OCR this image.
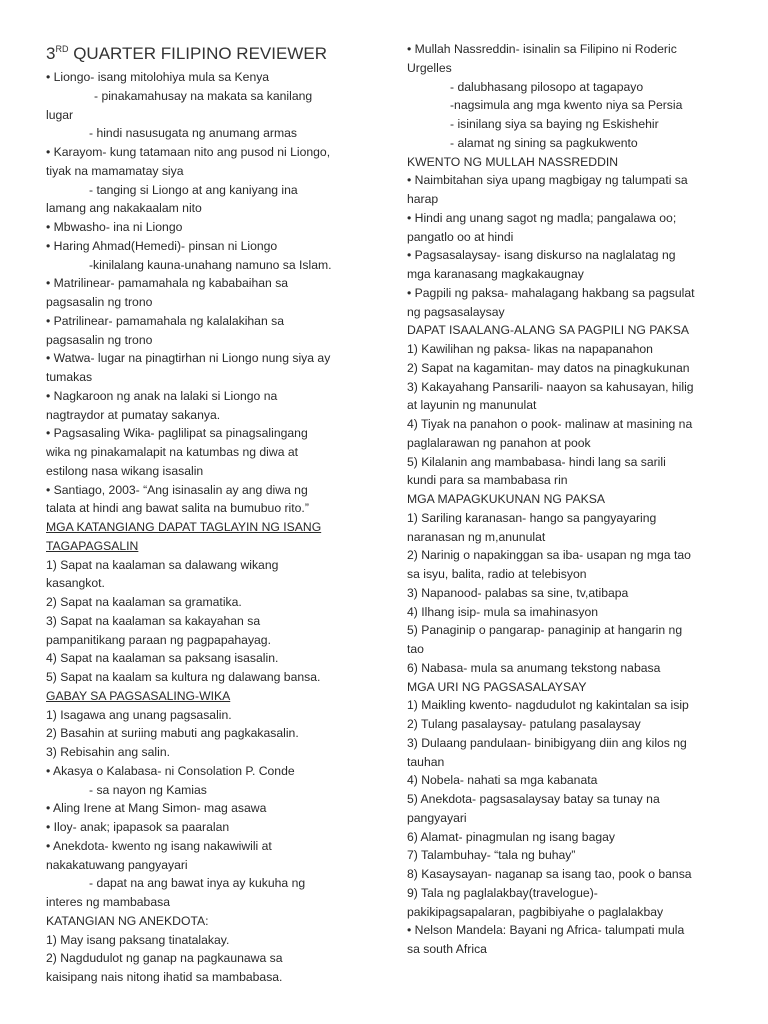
3RD QUARTER FILIPINO REVIEWER
• Liongo- isang mitolohiya mula sa Kenya
- pinakamahusay na makata sa kanilang
lugar
- hindi nasusugata ng anumang armas
• Karayom- kung tatamaan nito ang pusod ni Liongo,
tiyak na mamamatay siya
- tanging si Liongo at ang kaniyang ina
lamang ang nakakaalam nito
• Mbwasho- ina ni Liongo
• Haring Ahmad(Hemedi)- pinsan ni Liongo
-kinilalang kauna-unahang namuno sa Islam.
• Matrilinear- pamamahala ng kababaihan sa
pagsasalin ng trono
• Patrilinear- pamamahala ng kalalakihan sa
pagsasalin ng trono
• Watwa- lugar na pinagtirhan ni Liongo nung siya ay
tumakas
• Nagkaroon ng anak na lalaki si Liongo na
nagtraydor at pumatay sakanya.
• Pagsasaling Wika- paglilipat sa pinagsalingang
wika ng pinakamalapit na katumbas ng diwa at
estilong nasa wikang isasalin
• Santiago, 2003- “Ang isinasalin ay ang diwa ng
talata at hindi ang bawat salita na bumubuo rito.”
MGA KATANGIANG DAPAT TAGLAYIN NG ISANG
TAGAPAGSALIN
1) Sapat na kaalaman sa dalawang wikang
kasangkot.
2) Sapat na kaalaman sa gramatika.
3) Sapat na kaalaman sa kakayahan sa
pampanitikang paraan ng pagpapahayag.
4) Sapat na kaalaman sa paksang isasalin.
5) Sapat na kaalam sa kultura ng dalawang bansa.
GABAY SA PAGSASALING-WIKA
1) Isagawa ang unang pagsasalin.
2) Basahin at suriing mabuti ang pagkakasalin.
3) Rebisahin ang salin.
• Akasya o Kalabasa- ni Consolation P. Conde
- sa nayon ng Kamias
• Aling Irene at Mang Simon- mag asawa
• Iloy- anak; ipapasok sa paaralan
• Anekdota- kwento ng isang nakawiwili at
nakakatuwang pangyayari
- dapat na ang bawat inya ay kukuha ng
interes ng mambabasa
KATANGIAN NG ANEKDOTA:
1) May isang paksang tinatalakay.
2) Nagdudulot ng ganap na pagkaunawa sa
kaisipang nais nitong ihatid sa mambabasa.
• Mullah Nassreddin- isinalin sa Filipino ni Roderic
Urgelles
- dalubhasang pilosopo at tagapayo
-nagsimula ang mga kwento niya sa Persia
- isinilang siya sa baying ng Eskishehir
- alamat ng sining sa pagkukwento
KWENTO NG MULLAH NASSREDDIN
• Naimbitahan siya upang magbigay ng talumpati sa
harap
• Hindi ang unang sagot ng madla; pangalawa oo;
pangatlo oo at hindi
• Pagsasalaysay- isang diskurso na naglalatag ng
mga karanasang magkakaugnay
• Pagpili ng paksa- mahalagang hakbang sa pagsulat
ng pagsasalaysay
DAPAT ISAALANG-ALANG SA PAGPILI NG PAKSA
1) Kawilihan ng paksa- likas na napapanahon
2) Sapat na kagamitan- may datos na pinagkukunan
3) Kakayahang Pansarili- naayon sa kahusayan, hilig
at layunin ng manunulat
4) Tiyak na panahon o pook- malinaw at masining na
paglalarawan ng panahon at pook
5) Kilalanin ang mambabasa- hindi lang sa sarili
kundi para sa mambabasa rin
MGA MAPAGKUKUNAN NG PAKSA
1) Sariling karanasan- hango sa pangyayaring
naranasan ng m,anunulat
2) Narinig o napakinggan sa iba- usapan ng mga tao
sa isyu, balita, radio at telebisyon
3) Napanood- palabas sa sine, tv,atibapa
4) Ilhang isip- mula sa imahinasyon
5) Panaginip o pangarap- panaginip at hangarin ng
tao
6) Nabasa- mula sa anumang tekstong nabasa
MGA URI NG PAGSASALAYSAY
1) Maikling kwento- nagdudulot ng kakintalan sa isip
2) Tulang pasalaysay- patulang pasalaysay
3) Dulaang pandulaan- binibigyang diin ang kilos ng
tauhan
4) Nobela- nahati sa mga kabanata
5) Anekdota- pagsasalaysay batay sa tunay na
pangyayari
6) Alamat- pinagmulan ng isang bagay
7) Talambuhay- “tala ng buhay”
8) Kasaysayan- naganap sa isang tao, pook o bansa
9) Tala ng paglalakbay(travelogue)-
pakikipagsapalaran, pagbibiyahe o paglalakbay
• Nelson Mandela: Bayani ng Africa- talumpati mula
sa south Africa
